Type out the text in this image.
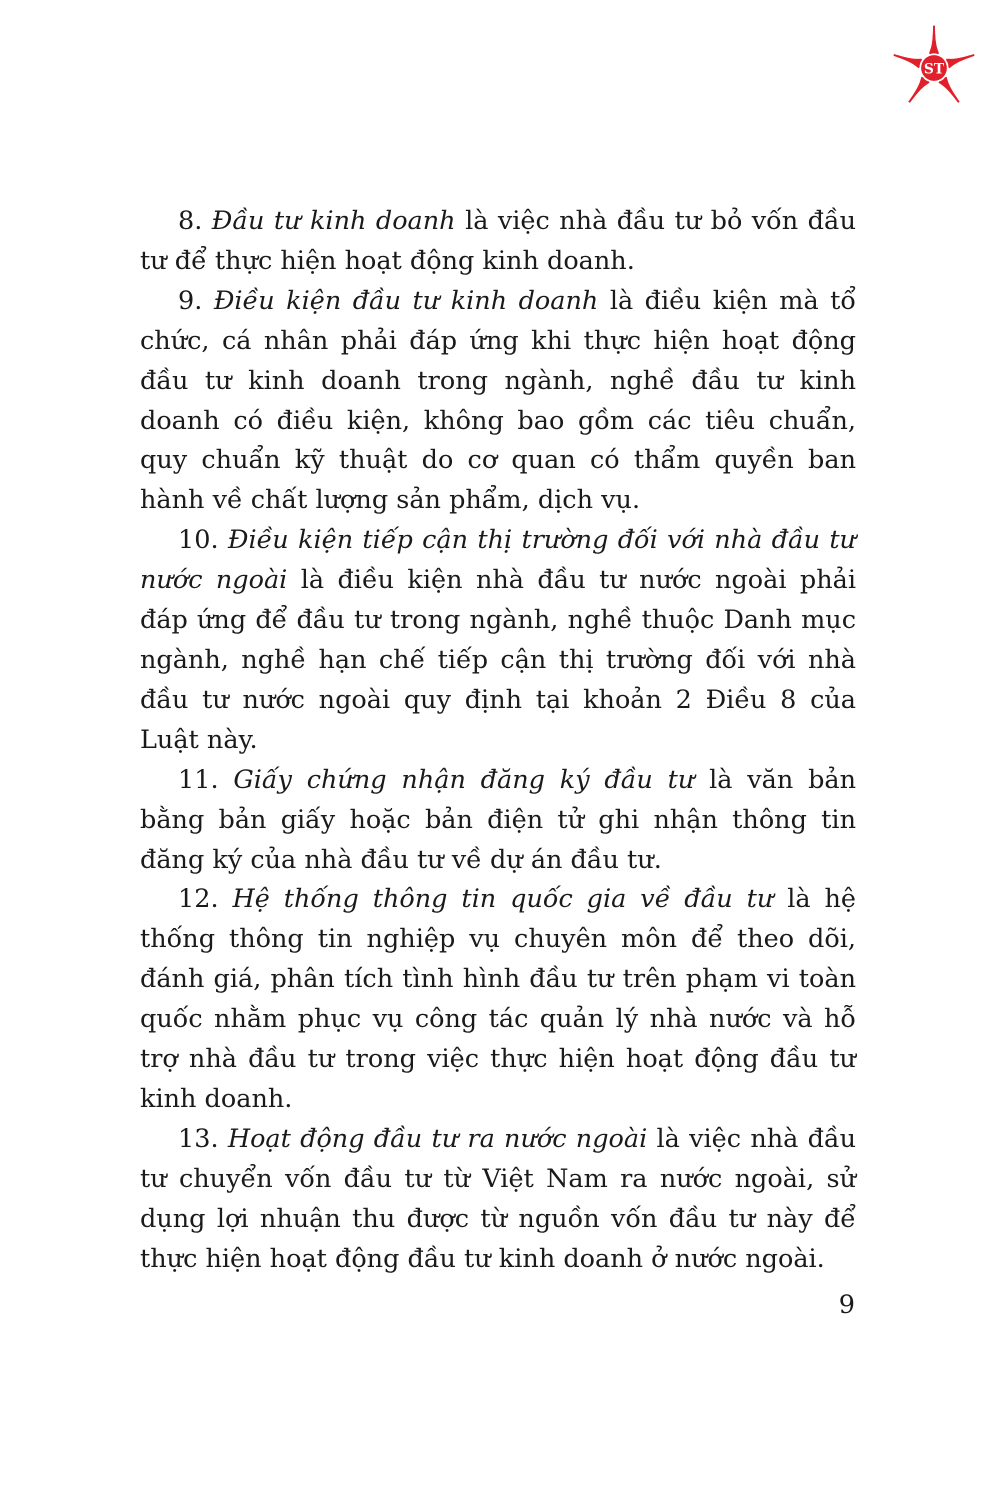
ST

8. Đầu tư kinh doanh là việc nhà đầu tư bỏ vốn đầu tư để thực hiện hoạt động kinh doanh.

9. Điều kiện đầu tư kinh doanh là điều kiện mà tổ chức, cá nhân phải đáp ứng khi thực hiện hoạt động đầu tư kinh doanh trong ngành, nghề đầu tư kinh doanh có điều kiện, không bao gồm các tiêu chuẩn, quy chuẩn kỹ thuật do cơ quan có thẩm quyền ban hành về chất lượng sản phẩm, dịch vụ.

10. Điều kiện tiếp cận thị trường đối với nhà đầu tư nước ngoài là điều kiện nhà đầu tư nước ngoài phải đáp ứng để đầu tư trong ngành, nghề thuộc Danh mục ngành, nghề hạn chế tiếp cận thị trường đối với nhà đầu tư nước ngoài quy định tại khoản 2 Điều 8 của Luật này.

11. Giấy chứng nhận đăng ký đầu tư là văn bản bằng bản giấy hoặc bản điện tử ghi nhận thông tin đăng ký của nhà đầu tư về dự án đầu tư.

12. Hệ thống thông tin quốc gia về đầu tư là hệ thống thông tin nghiệp vụ chuyên môn để theo dõi, đánh giá, phân tích tình hình đầu tư trên phạm vi toàn quốc nhằm phục vụ công tác quản lý nhà nước và hỗ trợ nhà đầu tư trong việc thực hiện hoạt động đầu tư kinh doanh.

13. Hoạt động đầu tư ra nước ngoài là việc nhà đầu tư chuyển vốn đầu tư từ Việt Nam ra nước ngoài, sử dụng lợi nhuận thu được từ nguồn vốn đầu tư này để thực hiện hoạt động đầu tư kinh doanh ở nước ngoài.

9
